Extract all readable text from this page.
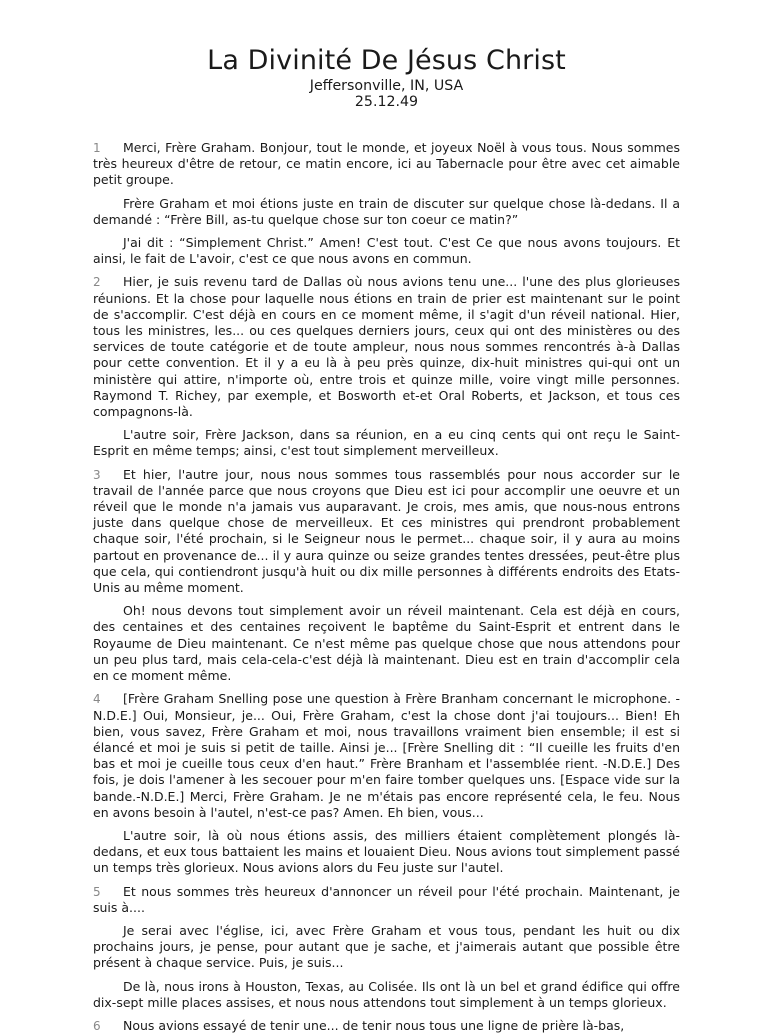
La Divinité De Jésus Christ
Jeffersonville, IN, USA
25.12.49

1 Merci, Frère Graham. Bonjour, tout le monde, et joyeux Noël à vous tous. Nous sommes très heureux d'être de retour, ce matin encore, ici au Tabernacle pour être avec cet aimable petit groupe.

Frère Graham et moi étions juste en train de discuter sur quelque chose là-dedans. Il a demandé : “Frère Bill, as-tu quelque chose sur ton coeur ce matin?”

J'ai dit : “Simplement Christ.” Amen! C'est tout. C'est Ce que nous avons toujours. Et ainsi, le fait de L'avoir, c'est ce que nous avons en commun.

2 Hier, je suis revenu tard de Dallas où nous avions tenu une... l'une des plus glorieuses réunions. Et la chose pour laquelle nous étions en train de prier est maintenant sur le point de s'accomplir. C'est déjà en cours en ce moment même, il s'agit d'un réveil national. Hier, tous les ministres, les... ou ces quelques derniers jours, ceux qui ont des ministères ou des services de toute catégorie et de toute ampleur, nous nous sommes rencontrés à-à Dallas pour cette convention. Et il y a eu là à peu près quinze, dix-huit ministres qui-qui ont un ministère qui attire, n'importe où, entre trois et quinze mille, voire vingt mille personnes. Raymond T. Richey, par exemple, et Bosworth et-et Oral Roberts, et Jackson, et tous ces compagnons-là.

L'autre soir, Frère Jackson, dans sa réunion, en a eu cinq cents qui ont reçu le Saint-Esprit en même temps; ainsi, c'est tout simplement merveilleux.

3 Et hier, l'autre jour, nous nous sommes tous rassemblés pour nous accorder sur le travail de l'année parce que nous croyons que Dieu est ici pour accomplir une oeuvre et un réveil que le monde n'a jamais vus auparavant. Je crois, mes amis, que nous-nous entrons juste dans quelque chose de merveilleux. Et ces ministres qui prendront probablement chaque soir, l'été prochain, si le Seigneur nous le permet... chaque soir, il y aura au moins partout en provenance de... il y aura quinze ou seize grandes tentes dressées, peut-être plus que cela, qui contiendront jusqu'à huit ou dix mille personnes à différents endroits des Etats-Unis au même moment.

Oh! nous devons tout simplement avoir un réveil maintenant. Cela est déjà en cours, des centaines et des centaines reçoivent le baptême du Saint-Esprit et entrent dans le Royaume de Dieu maintenant. Ce n'est même pas quelque chose que nous attendons pour un peu plus tard, mais cela-cela-c'est déjà là maintenant. Dieu est en train d'accomplir cela en ce moment même.

4 [Frère Graham Snelling pose une question à Frère Branham concernant le microphone. -N.D.E.] Oui, Monsieur, je... Oui, Frère Graham, c'est la chose dont j'ai toujours... Bien! Eh bien, vous savez, Frère Graham et moi, nous travaillons vraiment bien ensemble; il est si élancé et moi je suis si petit de taille. Ainsi je... [Frère Snelling dit : “Il cueille les fruits d'en bas et moi je cueille tous ceux d'en haut.” Frère Branham et l'assemblée rient. -N.D.E.] Des fois, je dois l'amener à les secouer pour m'en faire tomber quelques uns. [Espace vide sur la bande.-N.D.E.] Merci, Frère Graham. Je ne m'étais pas encore représenté cela, le feu. Nous en avons besoin à l'autel, n'est-ce pas? Amen. Eh bien, vous...

L'autre soir, là où nous étions assis, des milliers étaient complètement plongés là-dedans, et eux tous battaient les mains et louaient Dieu. Nous avions tout simplement passé un temps très glorieux. Nous avions alors du Feu juste sur l'autel.

5 Et nous sommes très heureux d'annoncer un réveil pour l'été prochain. Maintenant, je suis à....

Je serai avec l'église, ici, avec Frère Graham et vous tous, pendant les huit ou dix prochains jours, je pense, pour autant que je sache, et j'aimerais autant que possible être présent à chaque service. Puis, je suis...

De là, nous irons à Houston, Texas, au Colisée. Ils ont là un bel et grand édifice qui offre dix-sept mille places assises, et nous nous attendons tout simplement à un temps glorieux.

6 Nous avions essayé de tenir une... de tenir nous tous une ligne de prière là-bas,
